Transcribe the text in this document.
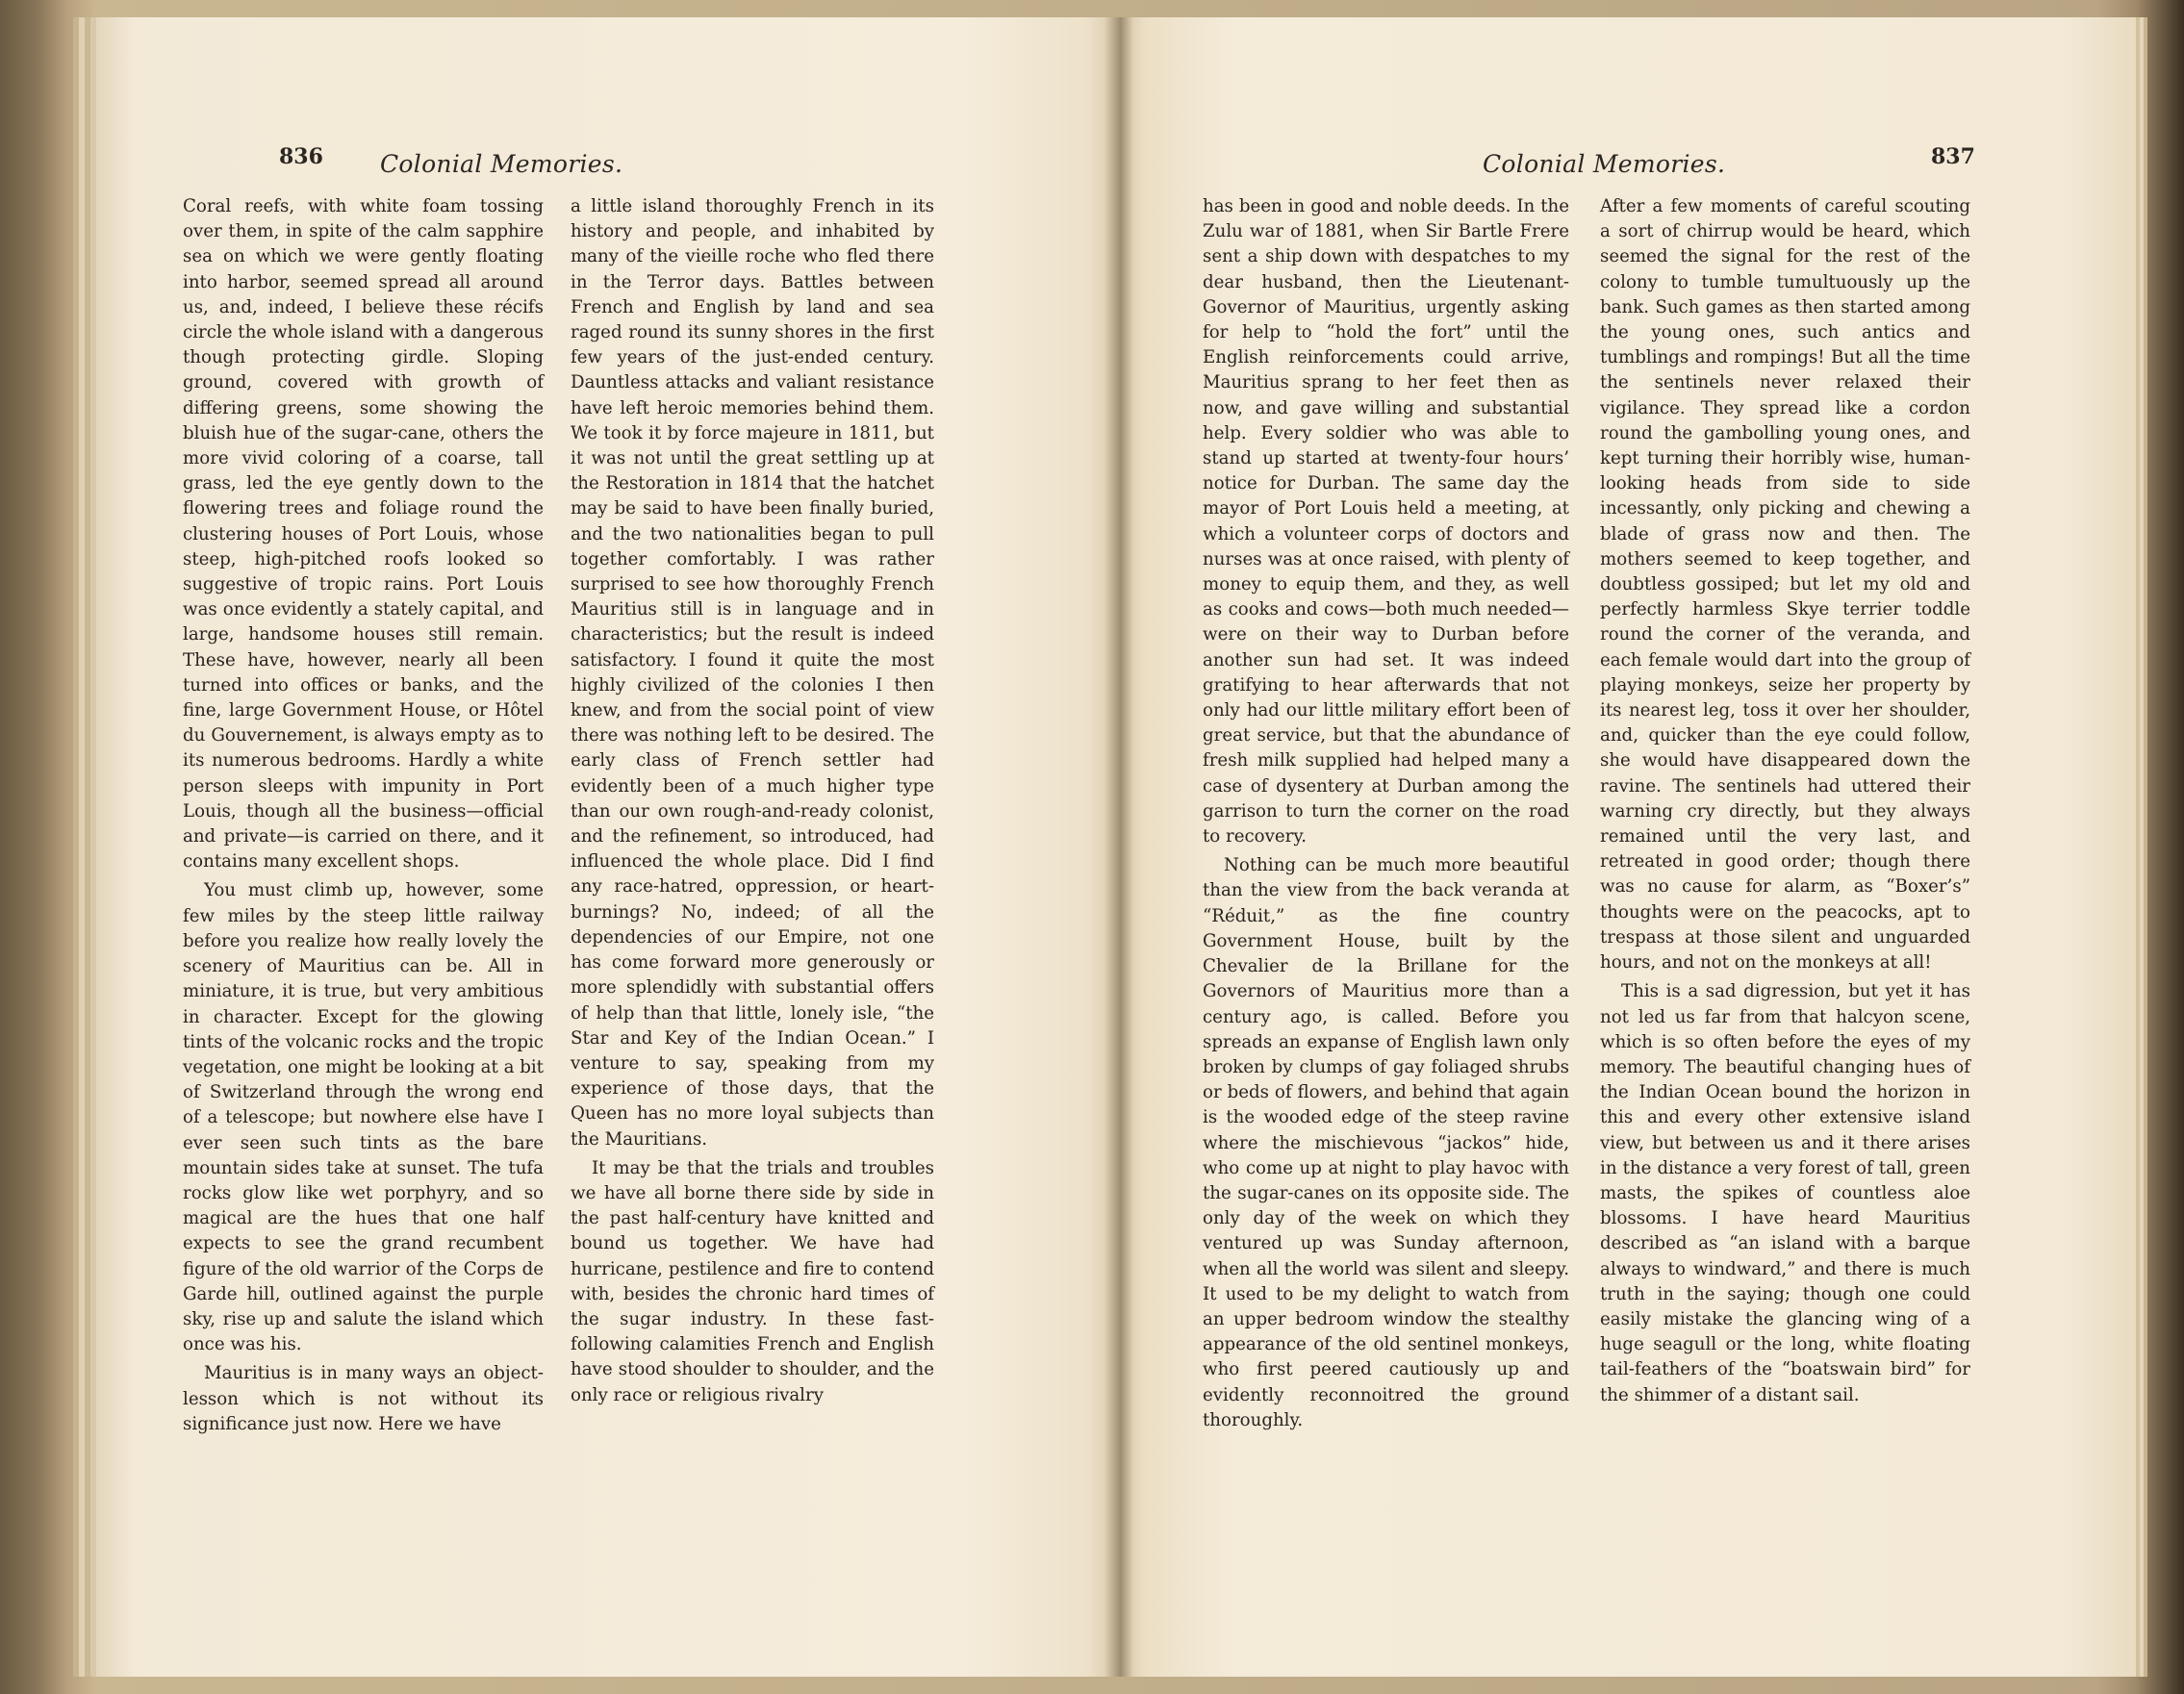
836 Colonial Memories.

Coral reefs, with white foam tossing over them, in spite of the calm sapphire sea on which we were gently floating into harbor, seemed spread all around us, and, indeed, I believe these récifs circle the whole island with a dangerous though protecting girdle. Sloping ground, covered with growth of differing greens, some showing the bluish hue of the sugar-cane, others the more vivid coloring of a coarse, tall grass, led the eye gently down to the flowering trees and foliage round the clustering houses of Port Louis, whose steep, high-pitched roofs looked so suggestive of tropic rains. Port Louis was once evidently a stately capital, and large, handsome houses still remain. These have, however, nearly all been turned into offices or banks, and the fine, large Government House, or Hôtel du Gouvernement, is always empty as to its numerous bedrooms. Hardly a white person sleeps with impunity in Port Louis, though all the business—official and private—is carried on there, and it contains many excellent shops.

You must climb up, however, some few miles by the steep little railway before you realize how really lovely the scenery of Mauritius can be. All in miniature, it is true, but very ambitious in character. Except for the glowing tints of the volcanic rocks and the tropic vegetation, one might be looking at a bit of Switzerland through the wrong end of a telescope; but nowhere else have I ever seen such tints as the bare mountain sides take at sunset. The tufa rocks glow like wet porphyry, and so magical are the hues that one half expects to see the grand recumbent figure of the old warrior of the Corps de Garde hill, outlined against the purple sky, rise up and salute the island which once was his.

Mauritius is in many ways an object-lesson which is not without its significance just now. Here we have

a little island thoroughly French in its history and people, and inhabited by many of the vieille roche who fled there in the Terror days. Battles between French and English by land and sea raged round its sunny shores in the first few years of the just-ended century. Dauntless attacks and valiant resistance have left heroic memories behind them. We took it by force majeure in 1811, but it was not until the great settling up at the Restoration in 1814 that the hatchet may be said to have been finally buried, and the two nationalities began to pull together comfortably. I was rather surprised to see how thoroughly French Mauritius still is in language and in characteristics; but the result is indeed satisfactory. I found it quite the most highly civilized of the colonies I then knew, and from the social point of view there was nothing left to be desired. The early class of French settler had evidently been of a much higher type than our own rough-and-ready colonist, and the refinement, so introduced, had influenced the whole place. Did I find any race-hatred, oppression, or heart-burnings? No, indeed; of all the dependencies of our Empire, not one has come forward more generously or more splendidly with substantial offers of help than that little, lonely isle, “the Star and Key of the Indian Ocean.” I venture to say, speaking from my experience of those days, that the Queen has no more loyal subjects than the Mauritians.

It may be that the trials and troubles we have all borne there side by side in the past half-century have knitted and bound us together. We have had hurricane, pestilence and fire to contend with, besides the chronic hard times of the sugar industry. In these fast-following calamities French and English have stood shoulder to shoulder, and the only race or religious rivalry

Colonial Memories.	837

has been in good and noble deeds. In the Zulu war of 1881, when Sir Bartle Frere sent a ship down with despatches to my dear husband, then the Lieutenant-Governor of Mauritius, urgently asking for help to “hold the fort” until the English reinforcements could arrive, Mauritius sprang to her feet then as now, and gave willing and substantial help. Every soldier who was able to stand up started at twenty-four hours’ notice for Durban. The same day the mayor of Port Louis held a meeting, at which a volunteer corps of doctors and nurses was at once raised, with plenty of money to equip them, and they, as well as cooks and cows—both much needed—were on their way to Durban before another sun had set. It was indeed gratifying to hear afterwards that not only had our little military effort been of great service, but that the abundance of fresh milk supplied had helped many a case of dysentery at Durban among the garrison to turn the corner on the road to recovery.

Nothing can be much more beautiful than the view from the back veranda at “Réduit,” as the fine country Government House, built by the Chevalier de la Brillane for the Governors of Mauritius more than a century ago, is called. Before you spreads an expanse of English lawn only broken by clumps of gay foliaged shrubs or beds of flowers, and behind that again is the wooded edge of the steep ravine where the mischievous “jackos” hide, who come up at night to play havoc with the sugar-canes on its opposite side. The only day of the week on which they ventured up was Sunday afternoon, when all the world was silent and sleepy. It used to be my delight to watch from an upper bedroom window the stealthy appearance of the old sentinel monkeys, who first peered cautiously up and evidently reconnoitred the ground thoroughly.

After a few moments of careful scouting a sort of chirrup would be heard, which seemed the signal for the rest of the colony to tumble tumultuously up the bank. Such games as then started among the young ones, such antics and tumblings and rompings! But all the time the sentinels never relaxed their vigilance. They spread like a cordon round the gambolling young ones, and kept turning their horribly wise, human-looking heads from side to side incessantly, only picking and chewing a blade of grass now and then. The mothers seemed to keep together, and doubtless gossiped; but let my old and perfectly harmless Skye terrier toddle round the corner of the veranda, and each female would dart into the group of playing monkeys, seize her property by its nearest leg, toss it over her shoulder, and, quicker than the eye could follow, she would have disappeared down the ravine. The sentinels had uttered their warning cry directly, but they always remained until the very last, and retreated in good order; though there was no cause for alarm, as “Boxer’s” thoughts were on the peacocks, apt to trespass at those silent and unguarded hours, and not on the monkeys at all!

This is a sad digression, but yet it has not led us far from that halcyon scene, which is so often before the eyes of my memory. The beautiful changing hues of the Indian Ocean bound the horizon in this and every other extensive island view, but between us and it there arises in the distance a very forest of tall, green masts, the spikes of countless aloe blossoms. I have heard Mauritius described as “an island with a barque always to windward,” and there is much truth in the saying; though one could easily mistake the glancing wing of a huge seagull or the long, white floating tail-feathers of the “boatswain bird” for the shimmer of a distant sail.
